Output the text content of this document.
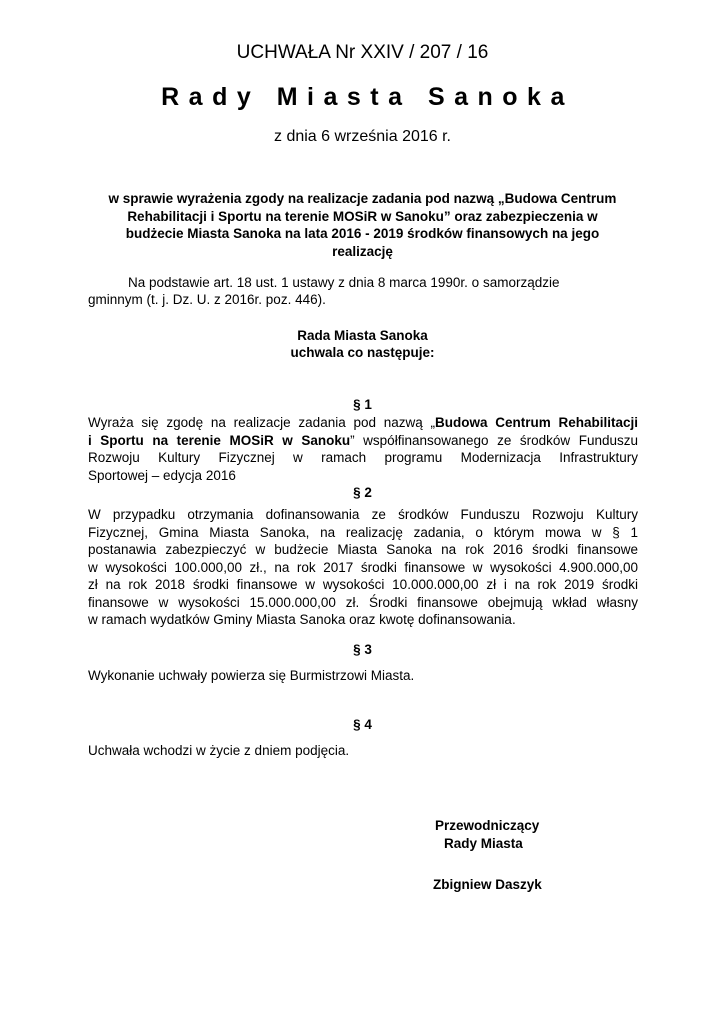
UCHWAŁA Nr XXIV / 207 / 16

Rady Miasta Sanoka

z dnia 6 września 2016 r.

w sprawie wyrażenia zgody na realizacje zadania pod nazwą „Budowa Centrum
Rehabilitacji i Sportu na terenie MOSiR w Sanoku” oraz zabezpieczenia w
budżecie Miasta Sanoka na lata 2016 - 2019 środków finansowych na jego
realizację
Na podstawie art. 18 ust. 1 ustawy z dnia 8 marca 1990r. o samorządzie
gminnym (t. j. Dz. U. z 2016r. poz. 446).
Rada Miasta Sanoka
uchwala co następuje:
§ 1
Wyraża się zgodę na realizacje zadania pod nazwą „Budowa Centrum Rehabilitacji
i Sportu na terenie MOSiR w Sanoku” współfinansowanego ze środków Funduszu
Rozwoju Kultury Fizycznej w ramach programu Modernizacja Infrastruktury
Sportowej – edycja 2016
§ 2
W przypadku otrzymania dofinansowania ze środków Funduszu Rozwoju Kultury
Fizycznej, Gmina Miasta Sanoka, na realizację zadania, o którym mowa w § 1
postanawia zabezpieczyć w budżecie Miasta Sanoka na rok 2016 środki finansowe
w wysokości 100.000,00 zł., na rok 2017 środki finansowe w wysokości 4.900.000,00
zł na rok 2018 środki finansowe w wysokości 10.000.000,00 zł i na rok 2019 środki
finansowe w wysokości 15.000.000,00 zł. Środki finansowe obejmują wkład własny
w ramach wydatków Gminy Miasta Sanoka oraz kwotę dofinansowania.
§ 3
Wykonanie uchwały powierza się Burmistrzowi Miasta.
§ 4
Uchwała wchodzi w życie z dniem podjęcia.
Przewodniczący
Rady Miasta
Zbigniew Daszyk
